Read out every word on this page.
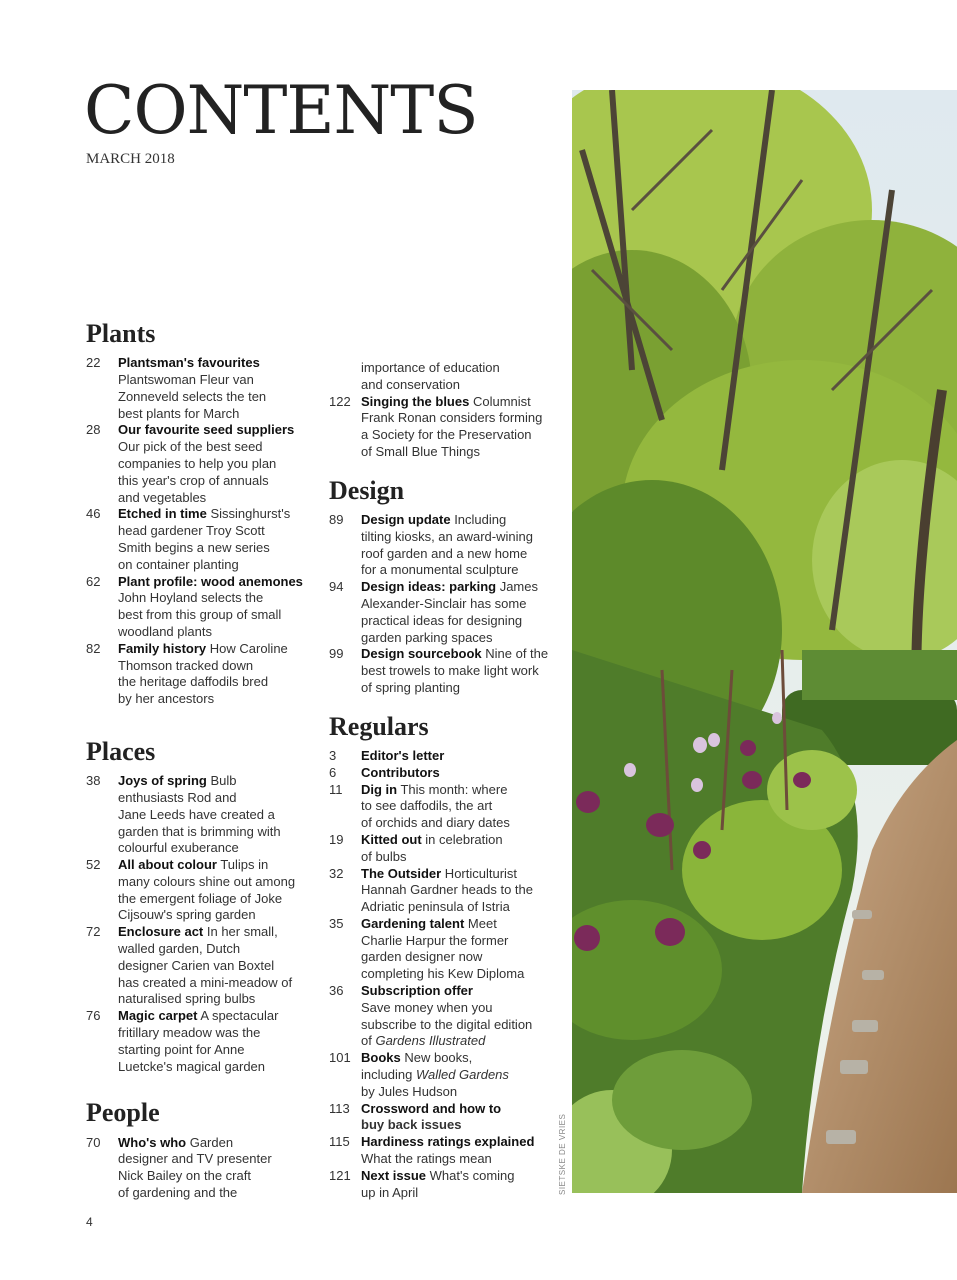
CONTENTS
MARCH 2018
Plants
22	Plantsman's favourites
Plantswoman Fleur van
Zonneveld selects the ten
best plants for March
28	Our favourite seed suppliers
Our pick of the best seed
companies to help you plan
this year's crop of annuals
and vegetables
46	Etched in time Sissinghurst's
head gardener Troy Scott
Smith begins a new series
on container planting
62	Plant profile: wood anemones
John Hoyland selects the
best from this group of small
woodland plants
82	Family history How Caroline
Thomson tracked down
the heritage daffodils bred
by her ancestors
Places
38	Joys of spring Bulb
enthusiasts Rod and
Jane Leeds have created a
garden that is brimming with
colourful exuberance
52	All about colour Tulips in
many colours shine out among
the emergent foliage of Joke
Cijsouw's spring garden
72	Enclosure act In her small,
walled garden, Dutch
designer Carien van Boxtel
has created a mini-meadow of
naturalised spring bulbs
76	Magic carpet A spectacular
fritillary meadow was the
starting point for Anne
Luetcke's magical garden
People
70	Who's who Garden
designer and TV presenter
Nick Bailey on the craft
of gardening and the
importance of education
and conservation
122 Singing the blues Columnist
Frank Ronan considers forming
a Society for the Preservation
of Small Blue Things
Design
89	Design update Including
tilting kiosks, an award-wining
roof garden and a new home
for a monumental sculpture
94	Design ideas: parking James
Alexander-Sinclair has some
practical ideas for designing
garden parking spaces
99	Design sourcebook Nine of the
best trowels to make light work
of spring planting
Regulars
3	Editor's letter
6	Contributors
11	Dig in This month: where
to see daffodils, the art
of orchids and diary dates
19	Kitted out in celebration
of bulbs
32	The Outsider Horticulturist
Hannah Gardner heads to the
Adriatic peninsula of Istria
35	Gardening talent Meet
Charlie Harpur the former
garden designer now
completing his Kew Diploma
36	Subscription offer
Save money when you
subscribe to the digital edition
of Gardens Illustrated
101 Books New books,
including Walled Gardens
by Jules Hudson
113 Crossword and how to
buy back issues
115 Hardiness ratings explained
What the ratings mean
121 Next issue What's coming
up in April	SIETSKE DE VRIES
4
